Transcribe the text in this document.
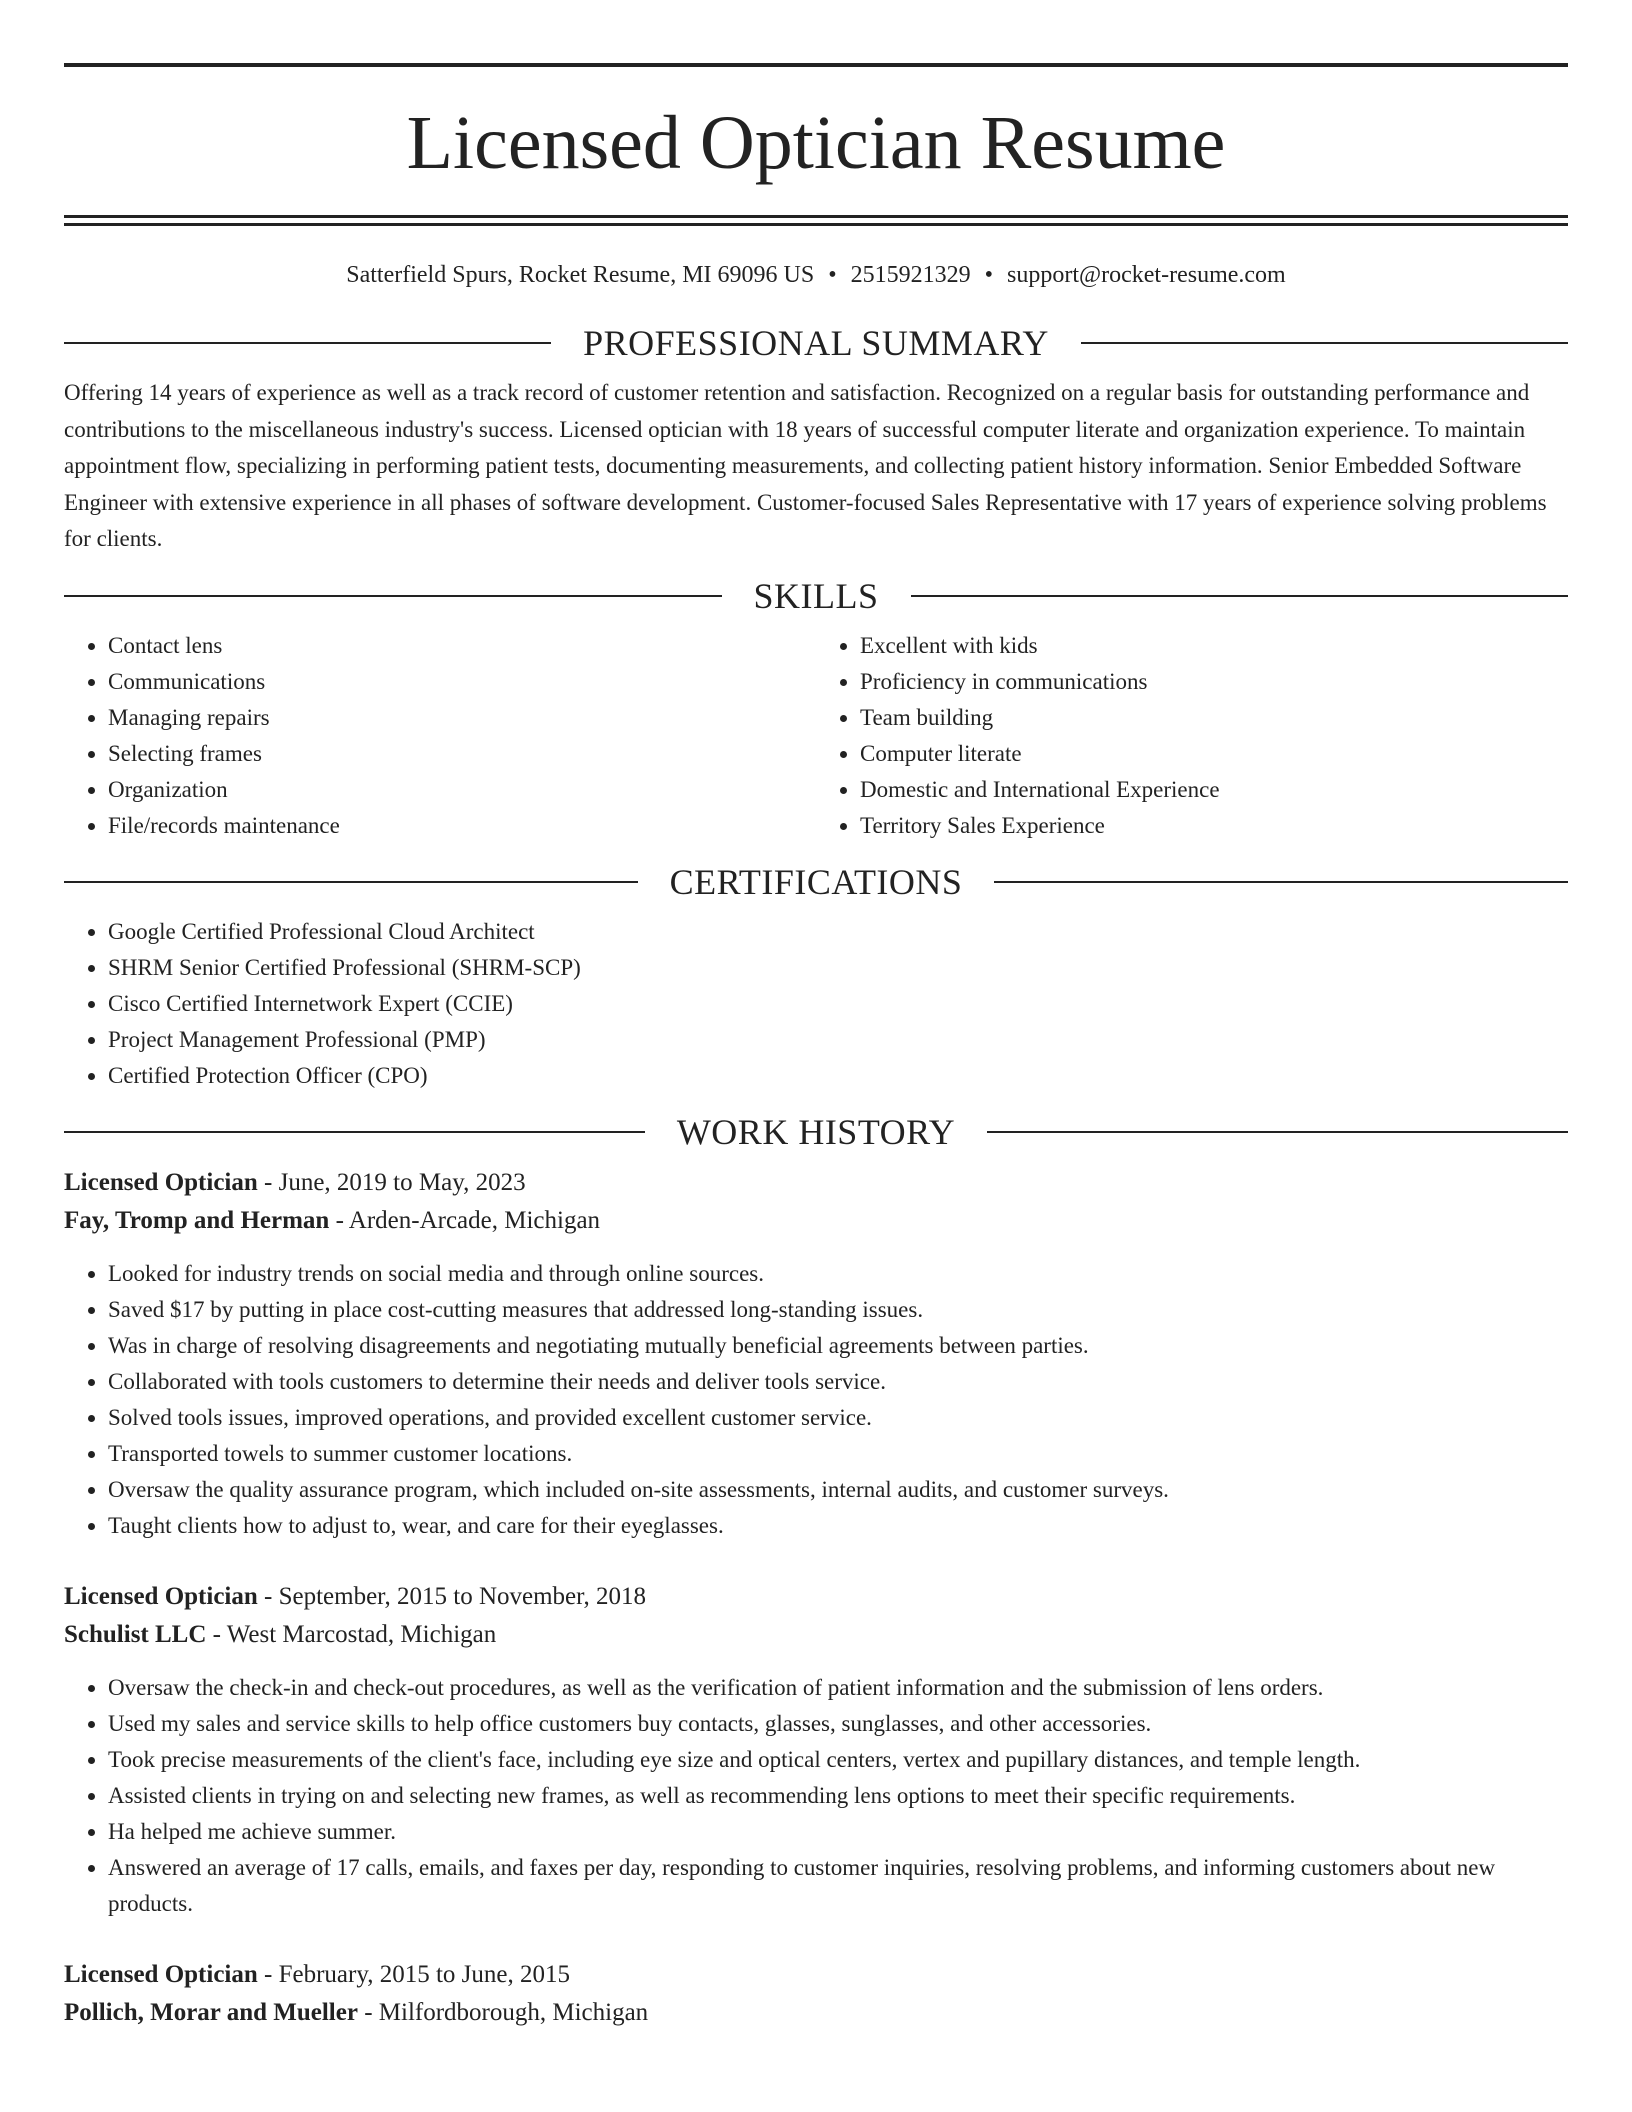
Licensed Optician Resume
Satterfield Spurs, Rocket Resume, MI 69096 US • 2515921329 • support@rocket-resume.com
PROFESSIONAL SUMMARY

Offering 14 years of experience as well as a track record of customer retention and satisfaction. Recognized on a regular basis for outstanding performance and contributions to the miscellaneous industry's success. Licensed optician with 18 years of successful computer literate and organization experience. To maintain appointment flow, specializing in performing patient tests, documenting measurements, and collecting patient history information. Senior Embedded Software Engineer with extensive experience in all phases of software development. Customer-focused Sales Representative with 17 years of experience solving problems for clients.

SKILLS
• Contact lens
• Communications
• Managing repairs
• Selecting frames
• Organization
• File/records maintenance
• Excellent with kids
• Proficiency in communications
• Team building
• Computer literate
• Domestic and International Experience
• Territory Sales Experience
CERTIFICATIONS
• Google Certified Professional Cloud Architect
• SHRM Senior Certified Professional (SHRM-SCP)
• Cisco Certified Internetwork Expert (CCIE)
• Project Management Professional (PMP)
• Certified Protection Officer (CPO)
WORK HISTORY
Licensed Optician - June, 2019 to May, 2023
Fay, Tromp and Herman - Arden-Arcade, Michigan
• Looked for industry trends on social media and through online sources.
• Saved $17 by putting in place cost-cutting measures that addressed long-standing issues.
• Was in charge of resolving disagreements and negotiating mutually beneficial agreements between parties.
• Collaborated with tools customers to determine their needs and deliver tools service.
• Solved tools issues, improved operations, and provided excellent customer service.
• Transported towels to summer customer locations.
• Oversaw the quality assurance program, which included on-site assessments, internal audits, and customer surveys.
• Taught clients how to adjust to, wear, and care for their eyeglasses.
Licensed Optician - September, 2015 to November, 2018
Schulist LLC - West Marcostad, Michigan
• Oversaw the check-in and check-out procedures, as well as the verification of patient information and the submission of lens orders.
• Used my sales and service skills to help office customers buy contacts, glasses, sunglasses, and other accessories.
• Took precise measurements of the client's face, including eye size and optical centers, vertex and pupillary distances, and temple length.
• Assisted clients in trying on and selecting new frames, as well as recommending lens options to meet their specific requirements.
• Ha helped me achieve summer.
• Answered an average of 17 calls, emails, and faxes per day, responding to customer inquiries, resolving problems, and informing customers about new products.
Licensed Optician - February, 2015 to June, 2015
Pollich, Morar and Mueller - Milfordborough, Michigan
